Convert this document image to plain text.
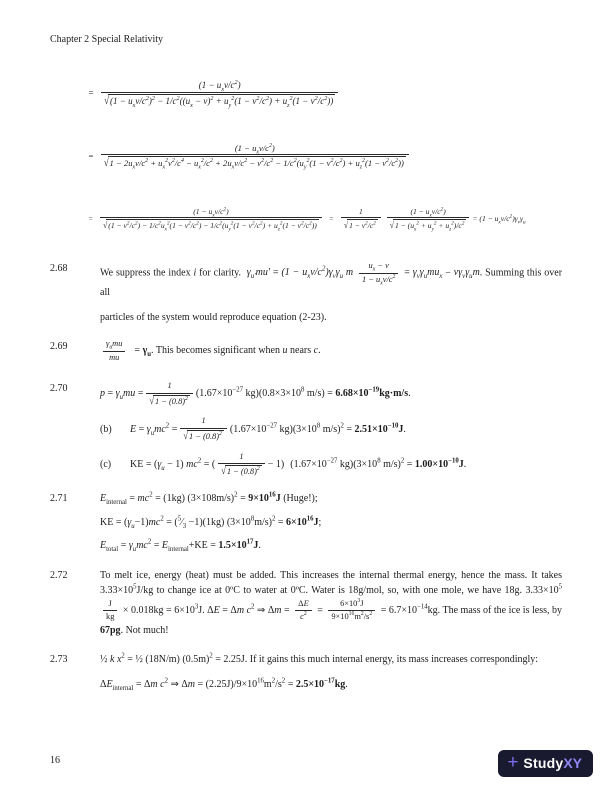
Chapter 2 Special Relativity
=
$(1 - u_xv/c^2)$
√ $(1 - u_xv/c^2)^2 - 1/c^2((u_x - v)^2 + u_y^2(1 - v^2/c^2) + u_z^2(1 - v^2/c^2))$
=
$(1 - u_xv/c^2)$
√ $1 - 2u_xv/c^2 + u_x^2v^2/c^4 - u_x^2/c^2 + 2u_xv/c^2 - v^2/c^2 - 1/c^2(u_y^2(1 - v^2/c^2) + u_z^2(1 - v^2/c^2))$
=
$(1 - u_xv/c^2)$
√ $(1 - v^2/c^2) - 1/c^2u_x^2(1 - v^2/c^2) - 1/c^2(u_y^2(1 - v^2/c^2) + u_z^2(1 - v^2/c^2))$
= $\frac{1}{√ 1 - v^2/c^2} \frac{(1 - u_xv/c^2)}{√ 1 - (u_x^2 + u_y^2 + u_z^2)/c^2} = (1 - u_xv/c^2)\gamma_v\gamma_u$
2.68	We suppress the index i for clarity.  $\gamma_{u'}mu' = (1 - u_xv/c^2)\gamma_v\gamma_u$ m $\frac{u_x - v}{1 - u_xv/c^2} = \gamma_v\gamma_umu_x - v\gamma_v\gamma_um$. Summing this over all
particles of the system would reproduce equation (2-23).
2.69	$\frac{\gamma_umu}{mu} = \gamma_u$. This becomes significant when u nears c.
2.70	$p = \gamma_umu = \frac{1}{√ 1 - (0.8)^2} (1.67\times 10^{-27}$ $kg)(0.8\times 3\times 10^8$ $m/s) = 6.68\times 10^{-19}kg\cdot m/s$.
(b)	$E = \gamma_umc^2 = \frac{1}{√ 1 - (0.8)^2} (1.67\times 10^{-27}$ $kg)(3\times 10^8$ $m/s)^2 = 2.51\times 10^{-10}J$.
(c)	KE = $(\gamma_u - 1) mc^2$ = ( $\frac{1}{√ 1 - (0.8)^2} - 1$) ($1.67\times 10^{-27}$ $kg)(3\times 10^8$ $m/s)^2 = 1.00\times 10^{-10}J$.
2.71	$E_{internal} = mc^2 = (1kg) (3\times 108m/s)^2 = 9\times 10^{16}J$ (Huge!);
KE = $(\gamma_u-1)mc^2$ = $(^5⁄_3 -1)(1kg) (3\times 10^8m/s)^2 = 6\times 10^{16}J$;
$E_{total} = \gamma_umc^2 = E_{internal}+KE = 1.5\times 10^{17}J$.
2.72	To melt ice, energy (heat) must be added. This increases the internal thermal energy, hence the mass. It takes $3.33\times 10^5J/kg$ to change ice at 0ºC to water at 0ºC. Water is 18g/mol, so, with one mole, we have 18g. $3.33\times 10^5$
$\frac{J}{kg} \times 0.018kg = 6\times 10^3J$. ΔE = Δm $c^2$ ⇒ $\Delta m = \frac{\Delta E}{c^2} = \frac{6\times 10^3J}{9\times 10^{16}m^2/s^2} = 6.7\times 10^{-14}kg$. The mass of the ice is less, by 67pg. Not much!
2.73	½ k $x^2$ = ½ (18N/m) $(0.5m)^2 = 2.25J$. If it gains this much internal energy, its mass increases correspondingly:
$\Delta E_{internal} = \Delta m$ $c^2$ ⇒ $\Delta m = (2.25J)/9\times 10^{16}m^2/s^2 = 2.5\times 10^{-17}kg$.
16	+ Study XY
